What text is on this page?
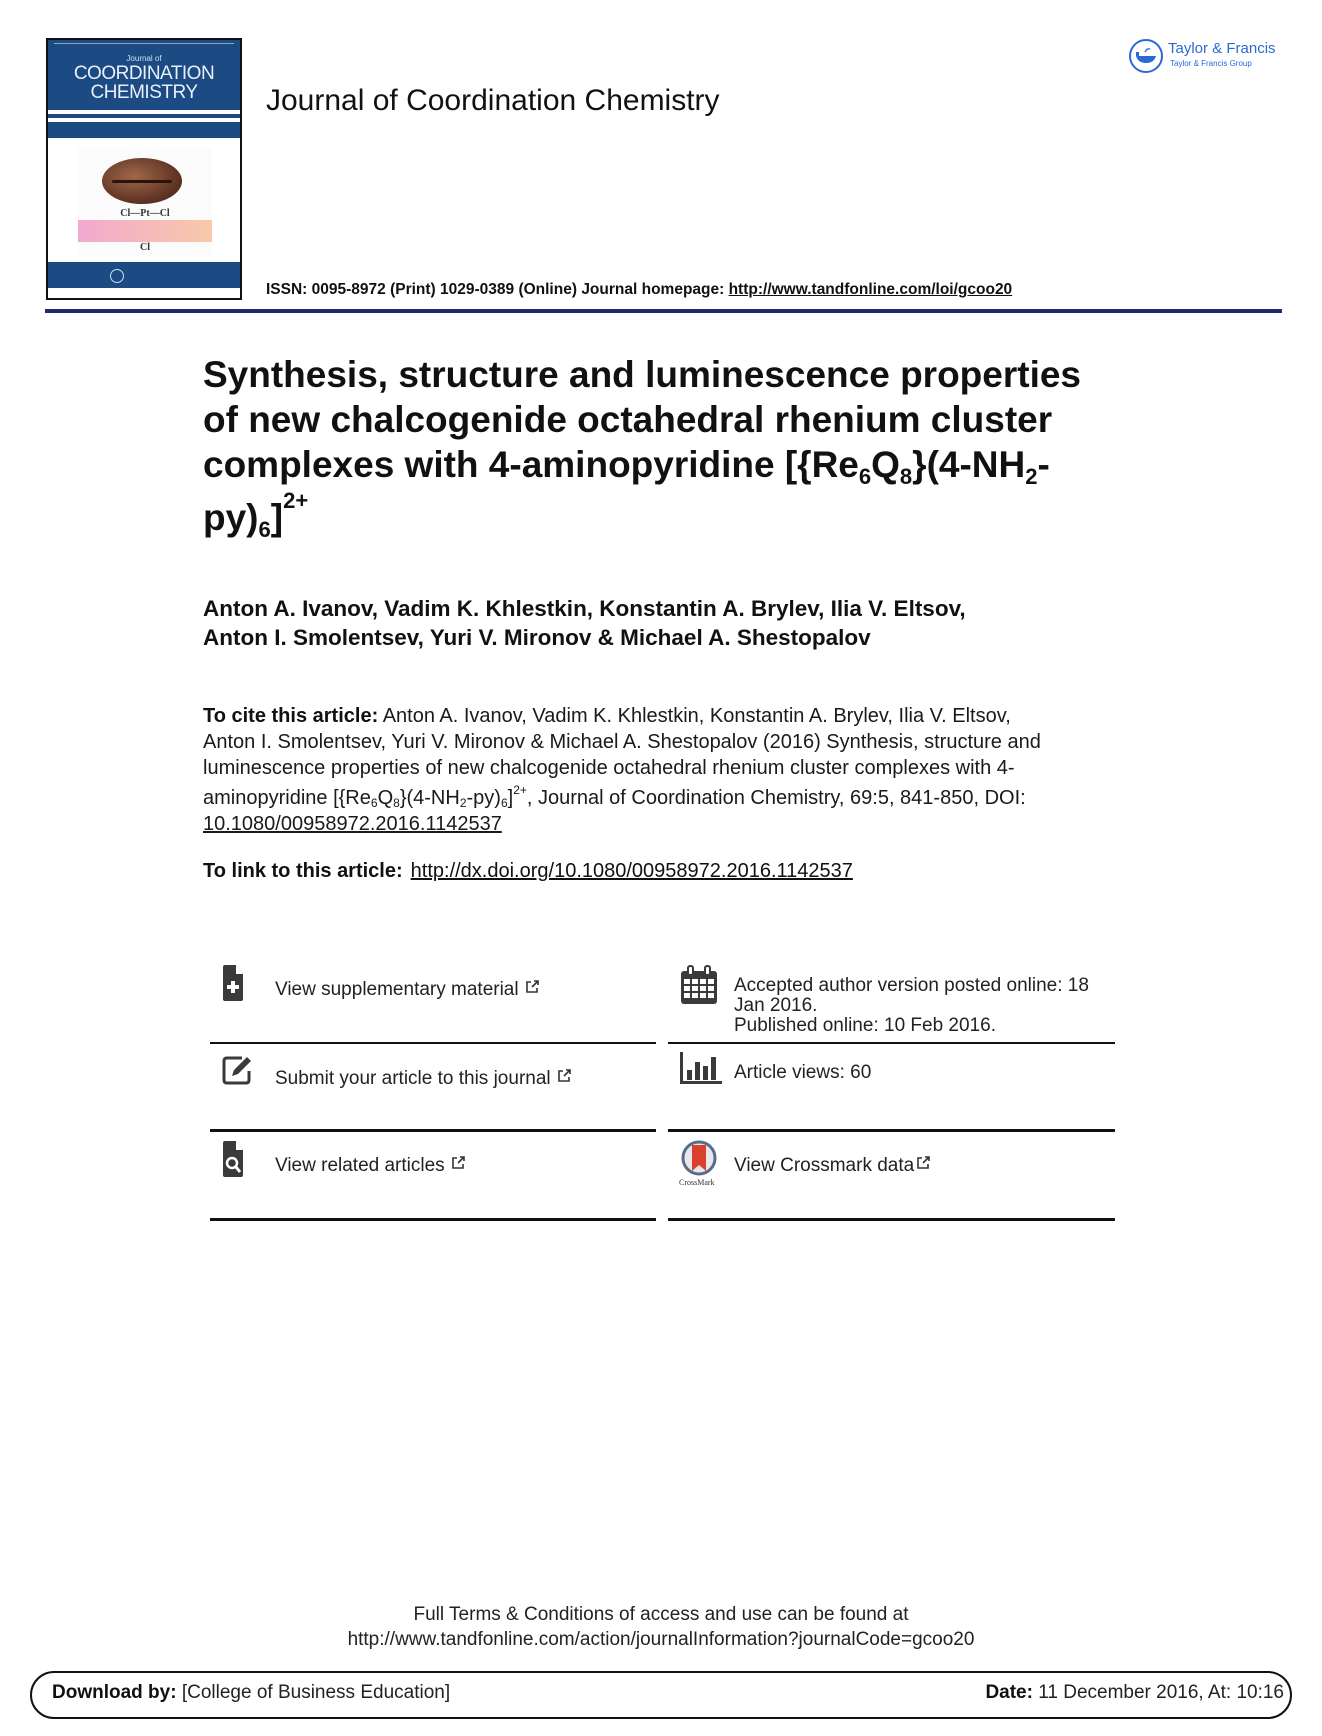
Journal of
COORDINATION
CHEMISTRY
Cl—Pt—Cl
Cl
Journal of Coordination Chemistry
Taylor & Francis
Taylor & Francis Group
ISSN: 0095-8972 (Print) 1029-0389 (Online) Journal homepage: http://www.tandfonline.com/loi/gcoo20
Synthesis, structure and luminescence properties
of new chalcogenide octahedral rhenium cluster
complexes with 4-aminopyridine [$\{Re_6Q_8\}(4-NH_2-$
$py)_6]^{2+}$
Anton A. Ivanov, Vadim K. Khlestkin, Konstantin A. Brylev, Ilia V. Eltsov,
Anton I. Smolentsev, Yuri V. Mironov & Michael A. Shestopalov
To cite this article: Anton A. Ivanov, Vadim K. Khlestkin, Konstantin A. Brylev, Ilia V. Eltsov,
Anton I. Smolentsev, Yuri V. Mironov & Michael A. Shestopalov (2016) Synthesis, structure and
luminescence properties of new chalcogenide octahedral rhenium cluster complexes with 4-
aminopyridine $[\{Re_6Q_8\}(4-NH_2-py)_6]^{2+}$, Journal of Coordination Chemistry, 69:5, 841-850, DOI:
10.1080/00958972.2016.1142537
To link to this article: http://dx.doi.org/10.1080/00958972.2016.1142537
View supplementary material
Submit your article to this journal
View related articles
Accepted author version posted online: 18
Jan 2016.
Published online: 10 Feb 2016.
Article views: 60
CrossMark
View Crossmark data
Full Terms & Conditions of access and use can be found at
http://www.tandfonline.com/action/journalInformation?journalCode=gcoo20
Download by: [College of Business Education]	Date: 11 December 2016, At: 10:16
